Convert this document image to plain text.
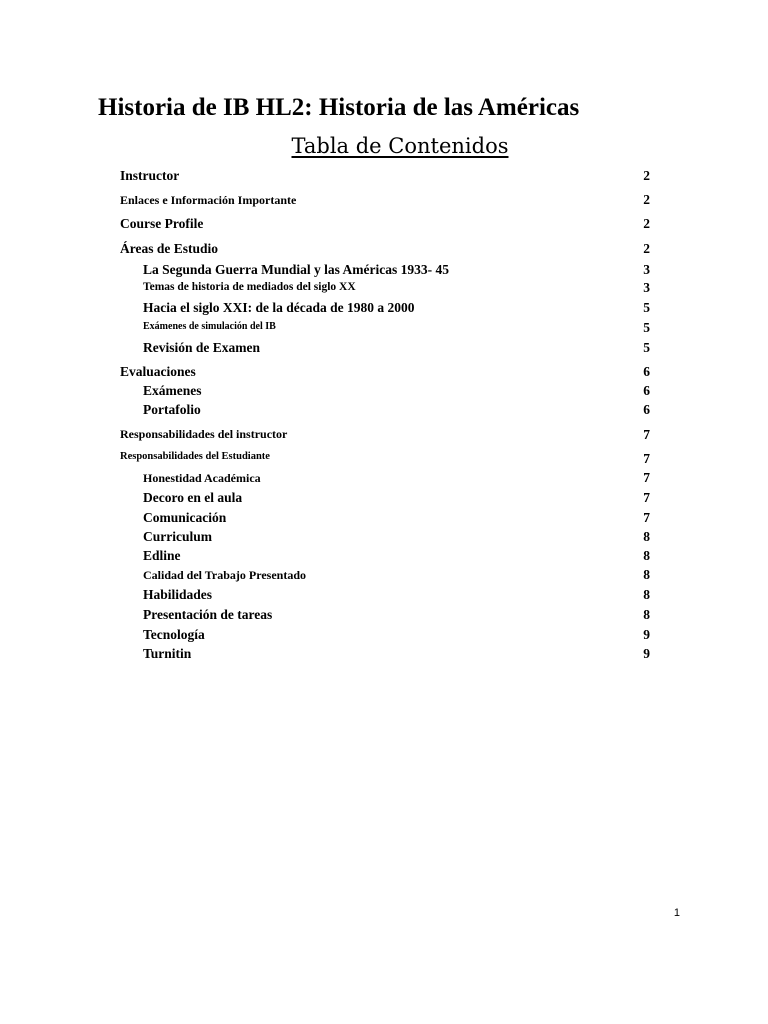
Historia de IB HL2: Historia de las Américas
Tabla de Contenidos
Instructor	2
Enlaces e Información Importante	2
Course Profile	2
Áreas de Estudio	2
La Segunda Guerra Mundial y las Américas 1933- 45	3
Temas de historia de mediados del siglo XX	3
Hacia el siglo XXI: de la década de 1980 a 2000	5
Exámenes de simulación del IB	5
Revisión de Examen	5
Evaluaciones	6
Exámenes	6
Portafolio	6
Responsabilidades del instructor	7
Responsabilidades del Estudiante	7
Honestidad Académica	7
Decoro en el aula	7
Comunicación	7
Curriculum	8
Edline	8
Calidad del Trabajo Presentado	8
Habilidades	8
Presentación de tareas	8
Tecnología	9
Turnitin	9
1
